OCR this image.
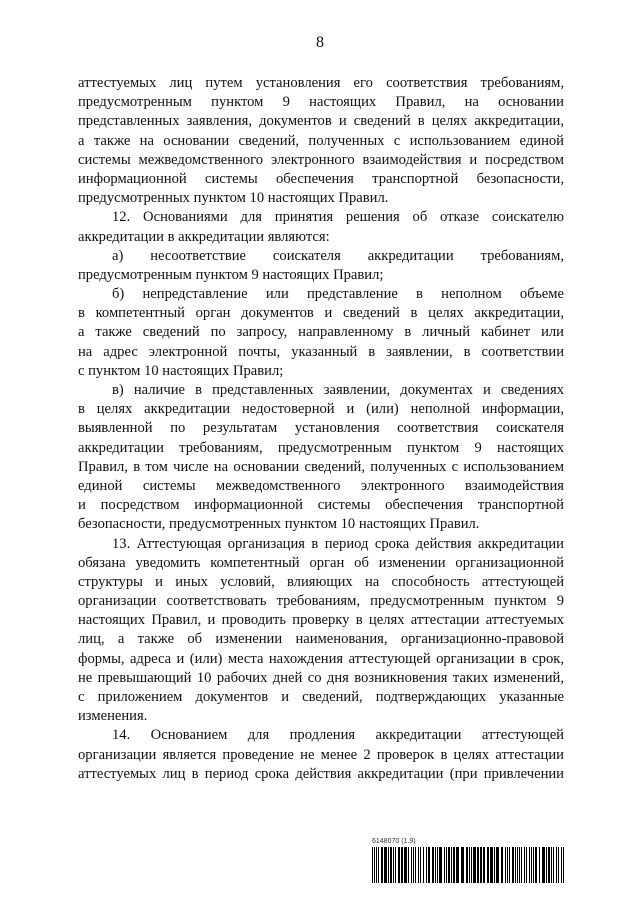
8
аттестуемых лиц путем установления его соответствия требованиям,
предусмотренным пунктом 9 настоящих Правил, на основании
представленных заявления, документов и сведений в целях аккредитации,
а также на основании сведений, полученных с использованием единой
системы межведомственного электронного взаимодействия и посредством
информационной системы обеспечения транспортной безопасности,
предусмотренных пунктом 10 настоящих Правил.
12. Основаниями для принятия решения об отказе соискателю
аккредитации в аккредитации являются:
а) несоответствие соискателя аккредитации требованиям,
предусмотренным пунктом 9 настоящих Правил;
б) непредставление или представление в неполном объеме
в компетентный орган документов и сведений в целях аккредитации,
а также сведений по запросу, направленному в личный кабинет или
на адрес электронной почты, указанный в заявлении, в соответствии
с пунктом 10 настоящих Правил;
в) наличие в представленных заявлении, документах и сведениях
в целях аккредитации недостоверной и (или) неполной информации,
выявленной по результатам установления соответствия соискателя
аккредитации требованиям, предусмотренным пунктом 9 настоящих
Правил, в том числе на основании сведений, полученных с использованием
единой системы межведомственного электронного взаимодействия
и посредством информационной системы обеспечения транспортной
безопасности, предусмотренных пунктом 10 настоящих Правил.
13. Аттестующая организация в период срока действия аккредитации
обязана уведомить компетентный орган об изменении организационной
структуры и иных условий, влияющих на способность аттестующей
организации соответствовать требованиям, предусмотренным пунктом 9
настоящих Правил, и проводить проверку в целях аттестации аттестуемых
лиц, а также об изменении наименования, организационно-правовой
формы, адреса и (или) места нахождения аттестующей организации в срок,
не превышающий 10 рабочих дней со дня возникновения таких изменений,
с приложением документов и сведений, подтверждающих указанные
изменения.
14. Основанием для продления аккредитации аттестующей
организации является проведение не менее 2 проверок в целях аттестации
аттестуемых лиц в период срока действия аккредитации (при привлечении
6148070 (1.9)
